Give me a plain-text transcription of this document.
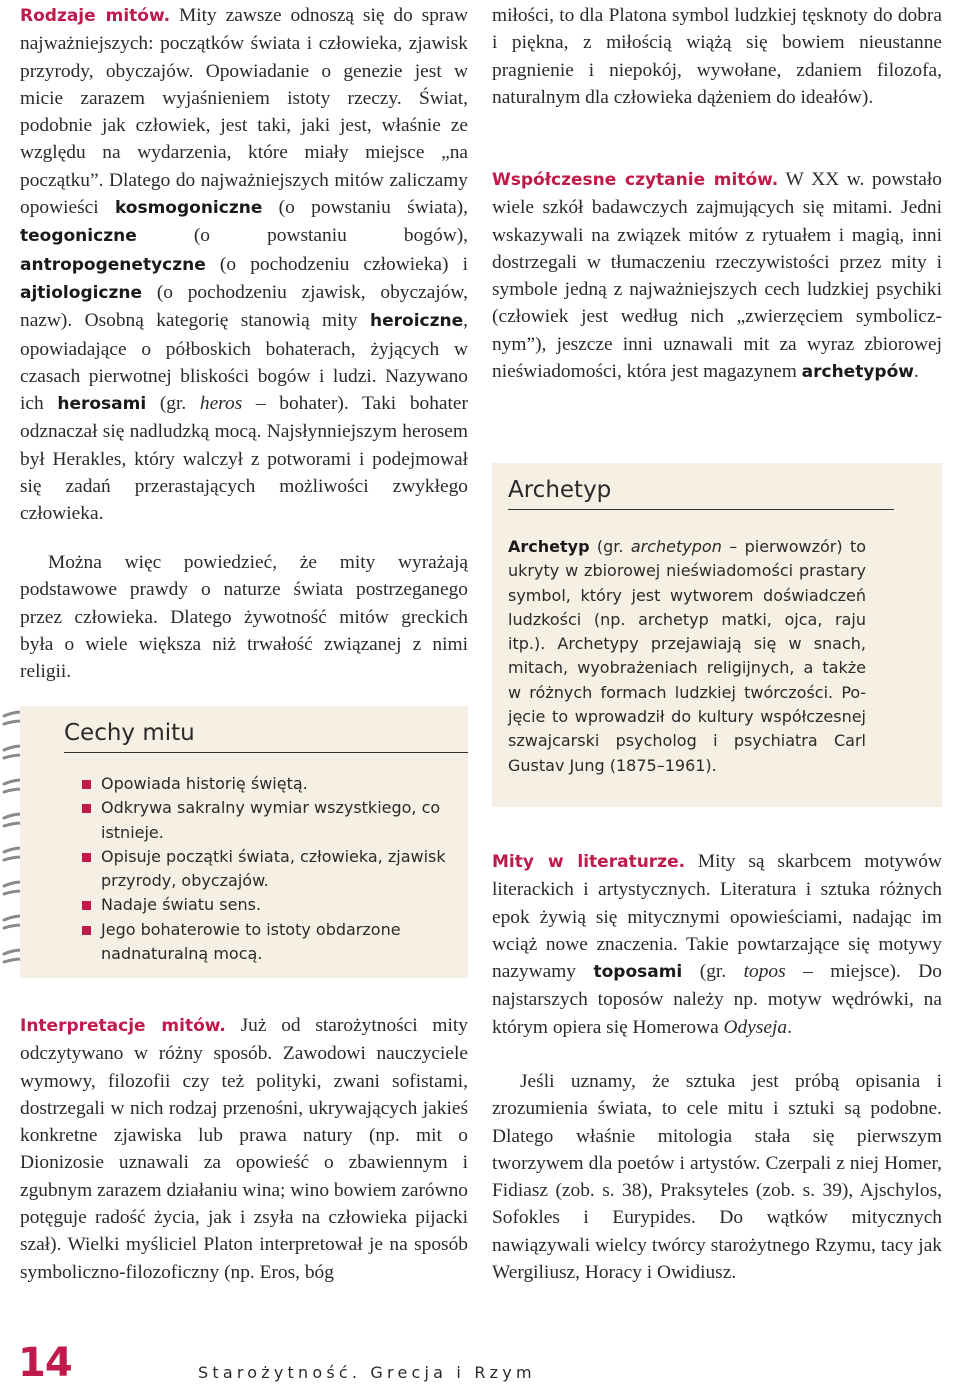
Rodzaje mitów. Mity zawsze odnoszą się do spraw najważniejszych: początków świata i człowieka, zjawisk przyrody, obyczajów. Opowiadanie o genezie jest w micie zarazem wyjaśnieniem istoty rzeczy. Świat, podobnie jak człowiek, jest taki, jaki jest, właśnie ze względu na wydarzenia, które miały miejsce „na początku”. Dlatego do najważniejszych mitów zaliczamy opowieści kosmogoniczne (o powstaniu świata), teogoniczne (o powstaniu bogów), antropogenetyczne (o pochodzeniu człowieka) i ajtiologiczne (o pochodzeniu zjawisk, obyczajów, nazw). Osobną kategorię stanowią mity heroiczne, opowiadające o półboskich bohaterach, żyjących w czasach pierwotnej bliskości bogów i ludzi. Nazywano ich herosami (gr. heros – bohater). Taki bohater odznaczał się nadludzką mocą. Najsłynniejszym herosem był Herakles, który walczył z potworami i podejmował się zadań przerastających możliwości zwykłego człowieka.

Można więc powiedzieć, że mity wyrażają podstawowe prawdy o naturze świata postrzeganego przez człowieka. Dlatego żywotność mitów greckich była o wiele większa niż trwałość związanej z nimi religii.

Interpretacje mitów. Już od starożytności mity odczytywano w różny sposób. Zawodowi nauczyciele wymowy, filozofii czy też polityki, zwani sofistami, dostrzegali w nich rodzaj przenośni, ukrywających jakieś konkretne zjawiska lub prawa natury (np. mit o Dionizosie uznawali za opowieść o zbawiennym i zgubnym zarazem działaniu wina; wino bowiem zarówno potęguje radość życia, jak i zsyła na człowieka pijacki szał). Wielki myśliciel Platon interpretował je na sposób symboliczno-filozoficzny (np. Eros, bóg

Cechy mitu
Opowiada historię świętą.
Odkrywa sakralny wymiar wszystkiego, co istnieje.
Opisuje początki świata, człowieka, zjawisk przyrody, obyczajów.
Nadaje światu sens.
Jego bohaterowie to istoty obdarzone nadnaturalną mocą.

miłości, to dla Platona symbol ludzkiej tęsknoty do dobra i piękna, z miłością wiążą się bowiem nieustanne pragnienie i niepokój, wywołane, zdaniem filozofa, naturalnym dla człowieka dążeniem do ideałów).

Współczesne czytanie mitów. W XX w. powstało wiele szkół badawczych zajmujących się mitami. Jedni wskazywali na związek mitów z rytuałem i magią, inni dostrzegali w tłumaczeniu rzeczywistości przez mity i symbole jedną z najważniejszych cech ludzkiej psychiki (człowiek jest według nich „zwierzęciem symbolicznym”), jeszcze inni uznawali mit za wyraz zbiorowej nieświadomości, która jest magazynem archetypów.

Mity w literaturze. Mity są skarbcem motywów literackich i artystycznych. Literatura i sztuka różnych epok żywią się mitycznymi opowieściami, nadając im wciąż nowe znaczenia. Takie powtarzające się motywy nazywamy toposami (gr. topos – miejsce). Do najstarszych toposów należy np. motyw wędrówki, na którym opiera się Homerowa Odyseja.

Jeśli uznamy, że sztuka jest próbą opisania i zrozumienia świata, to cele mitu i sztuki są podobne. Dlatego właśnie mitologia stała się pierwszym tworzywem dla poetów i artystów. Czerpali z niej Homer, Fidiasz (zob. s. 38), Praksyteles (zob. s. 39), Ajschylos, Sofokles i Eurypides. Do wątków mitycznych nawiązywali wielcy twórcy starożytnego Rzymu, tacy jak Wergiliusz, Horacy i Owidiusz.

Archetyp
Archetyp (gr. archetypon – pierwowzór) to ukryty w zbiorowej nieświadomości prastary symbol, który jest wytworem doświadczeń ludzkości (np. archetyp matki, ojca, raju itp.). Archetypy przejawiają się w snach, mitach, wyobrażeniach religijnych, a także w różnych formach ludzkiej twórczości. Pojęcie to wprowadził do kultury współczesnej szwajcarski psycholog i psychiatra Carl Gustav Jung (1875–1961).
14	Starożytność. Grecja i Rzym
